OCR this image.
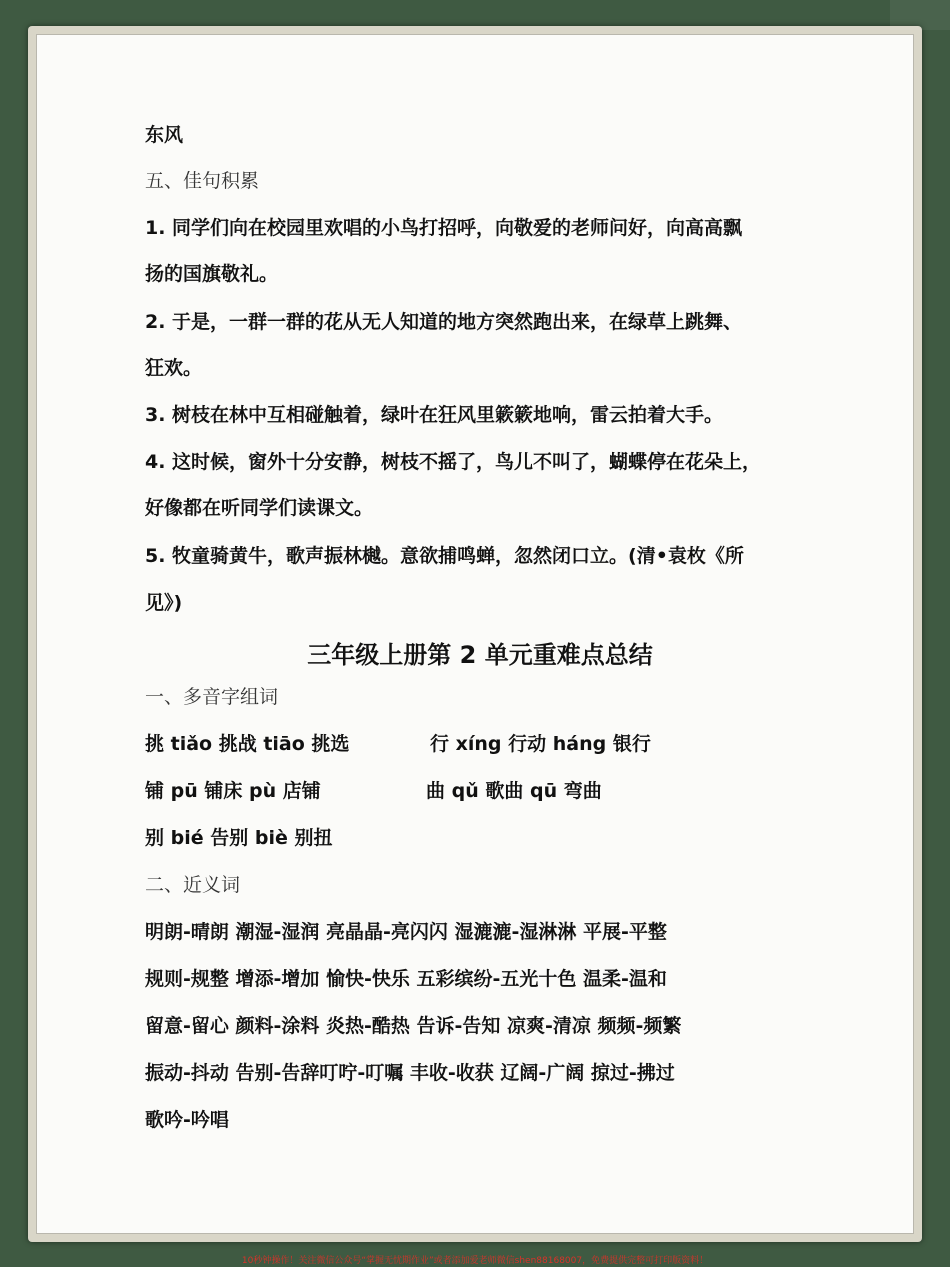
东风
五、佳句积累
1. 同学们向在校园里欢唱的小鸟打招呼，向敬爱的老师问好，向高高飘
扬的国旗敬礼。
2. 于是，一群一群的花从无人知道的地方突然跑出来，在绿草上跳舞、
狂欢。
3. 树枝在林中互相碰触着，绿叶在狂风里簌簌地响，雷云拍着大手。
4. 这时候，窗外十分安静，树枝不摇了，鸟儿不叫了，蝴蝶停在花朵上，
好像都在听同学们读课文。
5. 牧童骑黄牛，歌声振林樾。意欲捕鸣蝉，忽然闭口立。(清•袁枚《所
见》)
三年级上册第 2 单元重难点总结
一、多音字组词
挑 tiǎo 挑战 tiāo 挑选	行 xíng 行动 háng 银行
铺 pū 铺床 pù 店铺	曲 qǔ 歌曲 qū 弯曲
别 bié 告别 biè 别扭
二、近义词
明朗-晴朗 潮湿-湿润 亮晶晶-亮闪闪 湿漉漉-湿淋淋 平展-平整
规则-规整 增添-增加 愉快-快乐 五彩缤纷-五光十色 温柔-温和
留意-留心 颜料-涂料 炎热-酷热 告诉-告知 凉爽-清凉 频频-频繁
振动-抖动 告别-告辞叮咛-叮嘱 丰收-收获 辽阔-广阔 掠过-拂过
歌吟-吟唱
10秒钟操作！关注微信公众号“掌握无忧期作业”或者添加爱老师微信shen88168007，免费提供完整可打印版资料！
